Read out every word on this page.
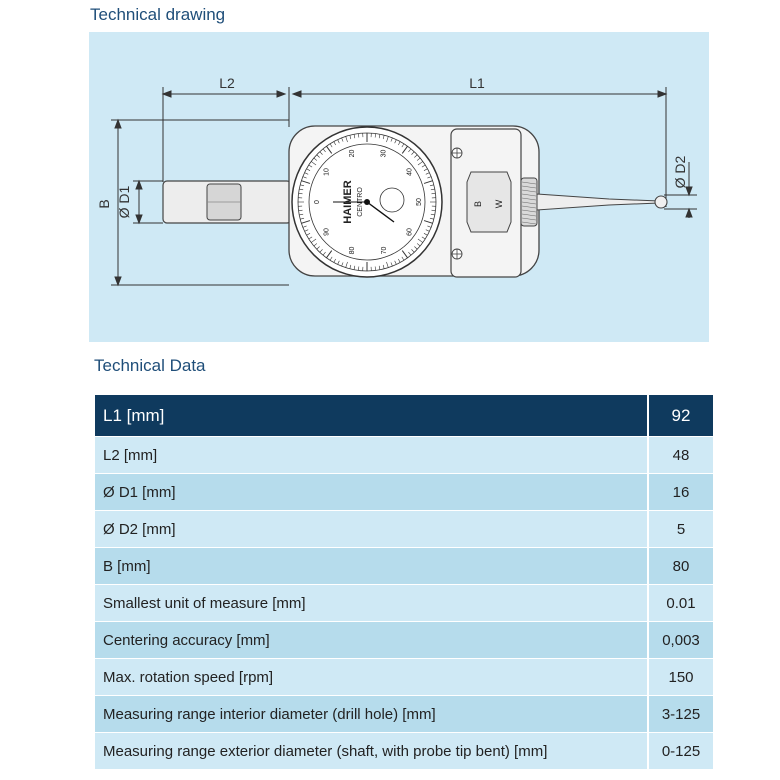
Technical drawing
L2	L1
B Ø D1
Ø D2
0
10
20	30
40
50
60
70
80
90
HAIMER CENTRO	B W
Technical Data
L1 [mm]	92
L2 [mm]	48
Ø D1 [mm]	16
Ø D2 [mm]	5
B [mm]	80
Smallest unit of measure [mm]	0.01
Centering accuracy [mm]	0,003
Max. rotation speed [rpm]	150
Measuring range interior diameter (drill hole) [mm]	3-125
Measuring range exterior diameter (shaft, with probe tip bent) [mm]	0-125
